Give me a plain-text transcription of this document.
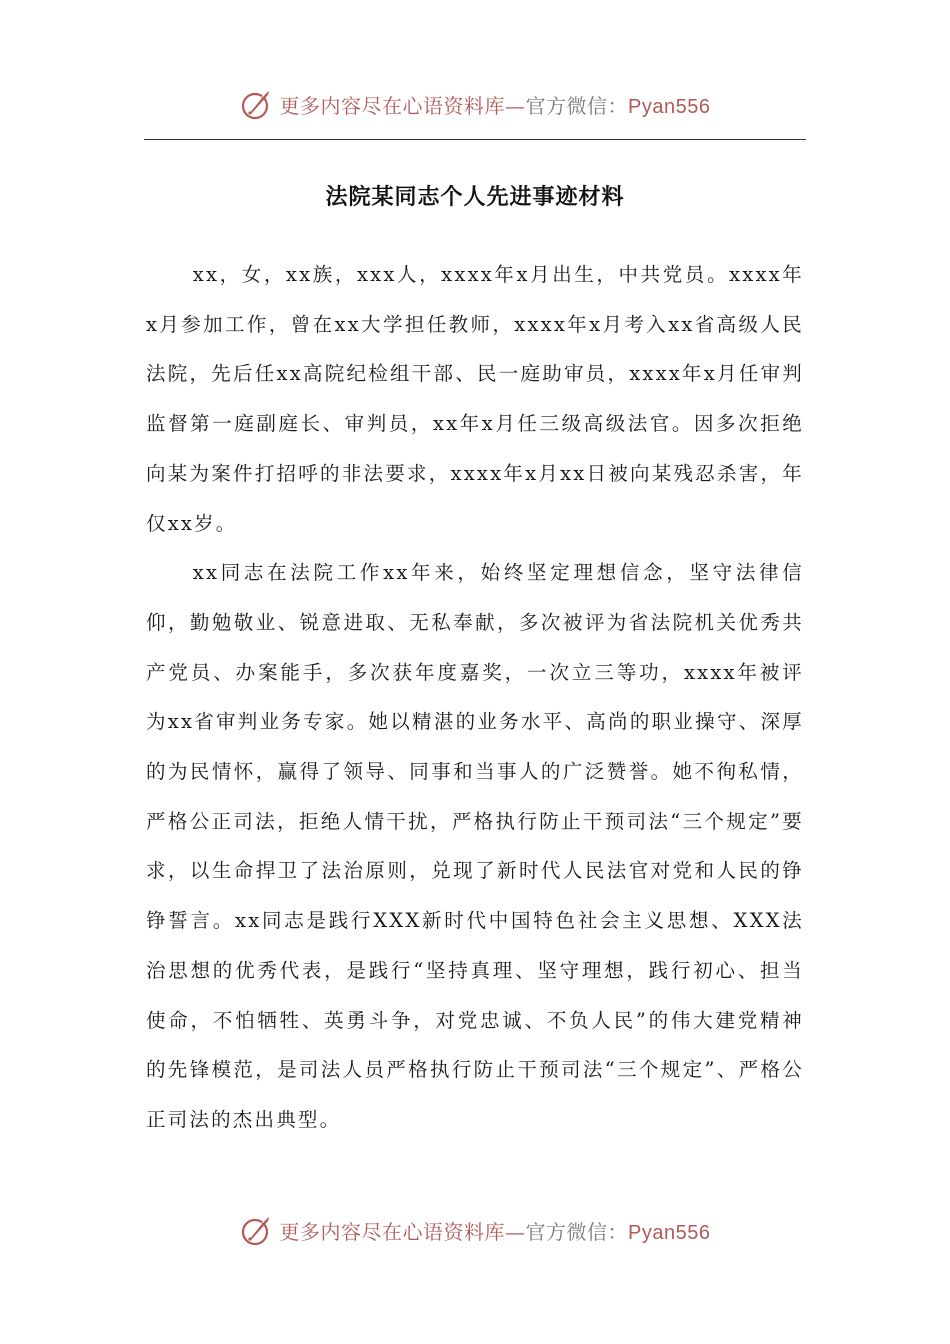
更多内容尽在心语资料库—官方微信：Pyan556
法院某同志个人先进事迹材料

xx，女，xx族，xxx人，xxxx年x月出生，中共党员。xxxx年x月参加工作，曾在xx大学担任教师，xxxx年x月考入xx省高级人民法院，先后任xx高院纪检组干部、民一庭助审员，xxxx年x月任审判监督第一庭副庭长、审判员，xx年x月任三级高级法官。因多次拒绝向某为案件打招呼的非法要求，xxxx年x月xx日被向某残忍杀害，年仅xx岁。

xx同志在法院工作xx年来，始终坚定理想信念，坚守法律信仰，勤勉敬业、锐意进取、无私奉献，多次被评为省法院机关优秀共产党员、办案能手，多次获年度嘉奖，一次立三等功，xxxx年被评为xx省审判业务专家。她以精湛的业务水平、高尚的职业操守、深厚的为民情怀，赢得了领导、同事和当事人的广泛赞誉。她不徇私情，严格公正司法，拒绝人情干扰，严格执行防止干预司法“三个规定”要求，以生命捍卫了法治原则，兑现了新时代人民法官对党和人民的铮铮誓言。xx同志是践行XXX新时代中国特色社会主义思想、XXX法治思想的优秀代表，是践行“坚持真理、坚守理想，践行初心、担当使命，不怕牺牲、英勇斗争，对党忠诚、不负人民”的伟大建党精神的先锋模范，是司法人员严格执行防止干预司法“三个规定”、严格公正司法的杰出典型。

更多内容尽在心语资料库—官方微信：Pyan556
